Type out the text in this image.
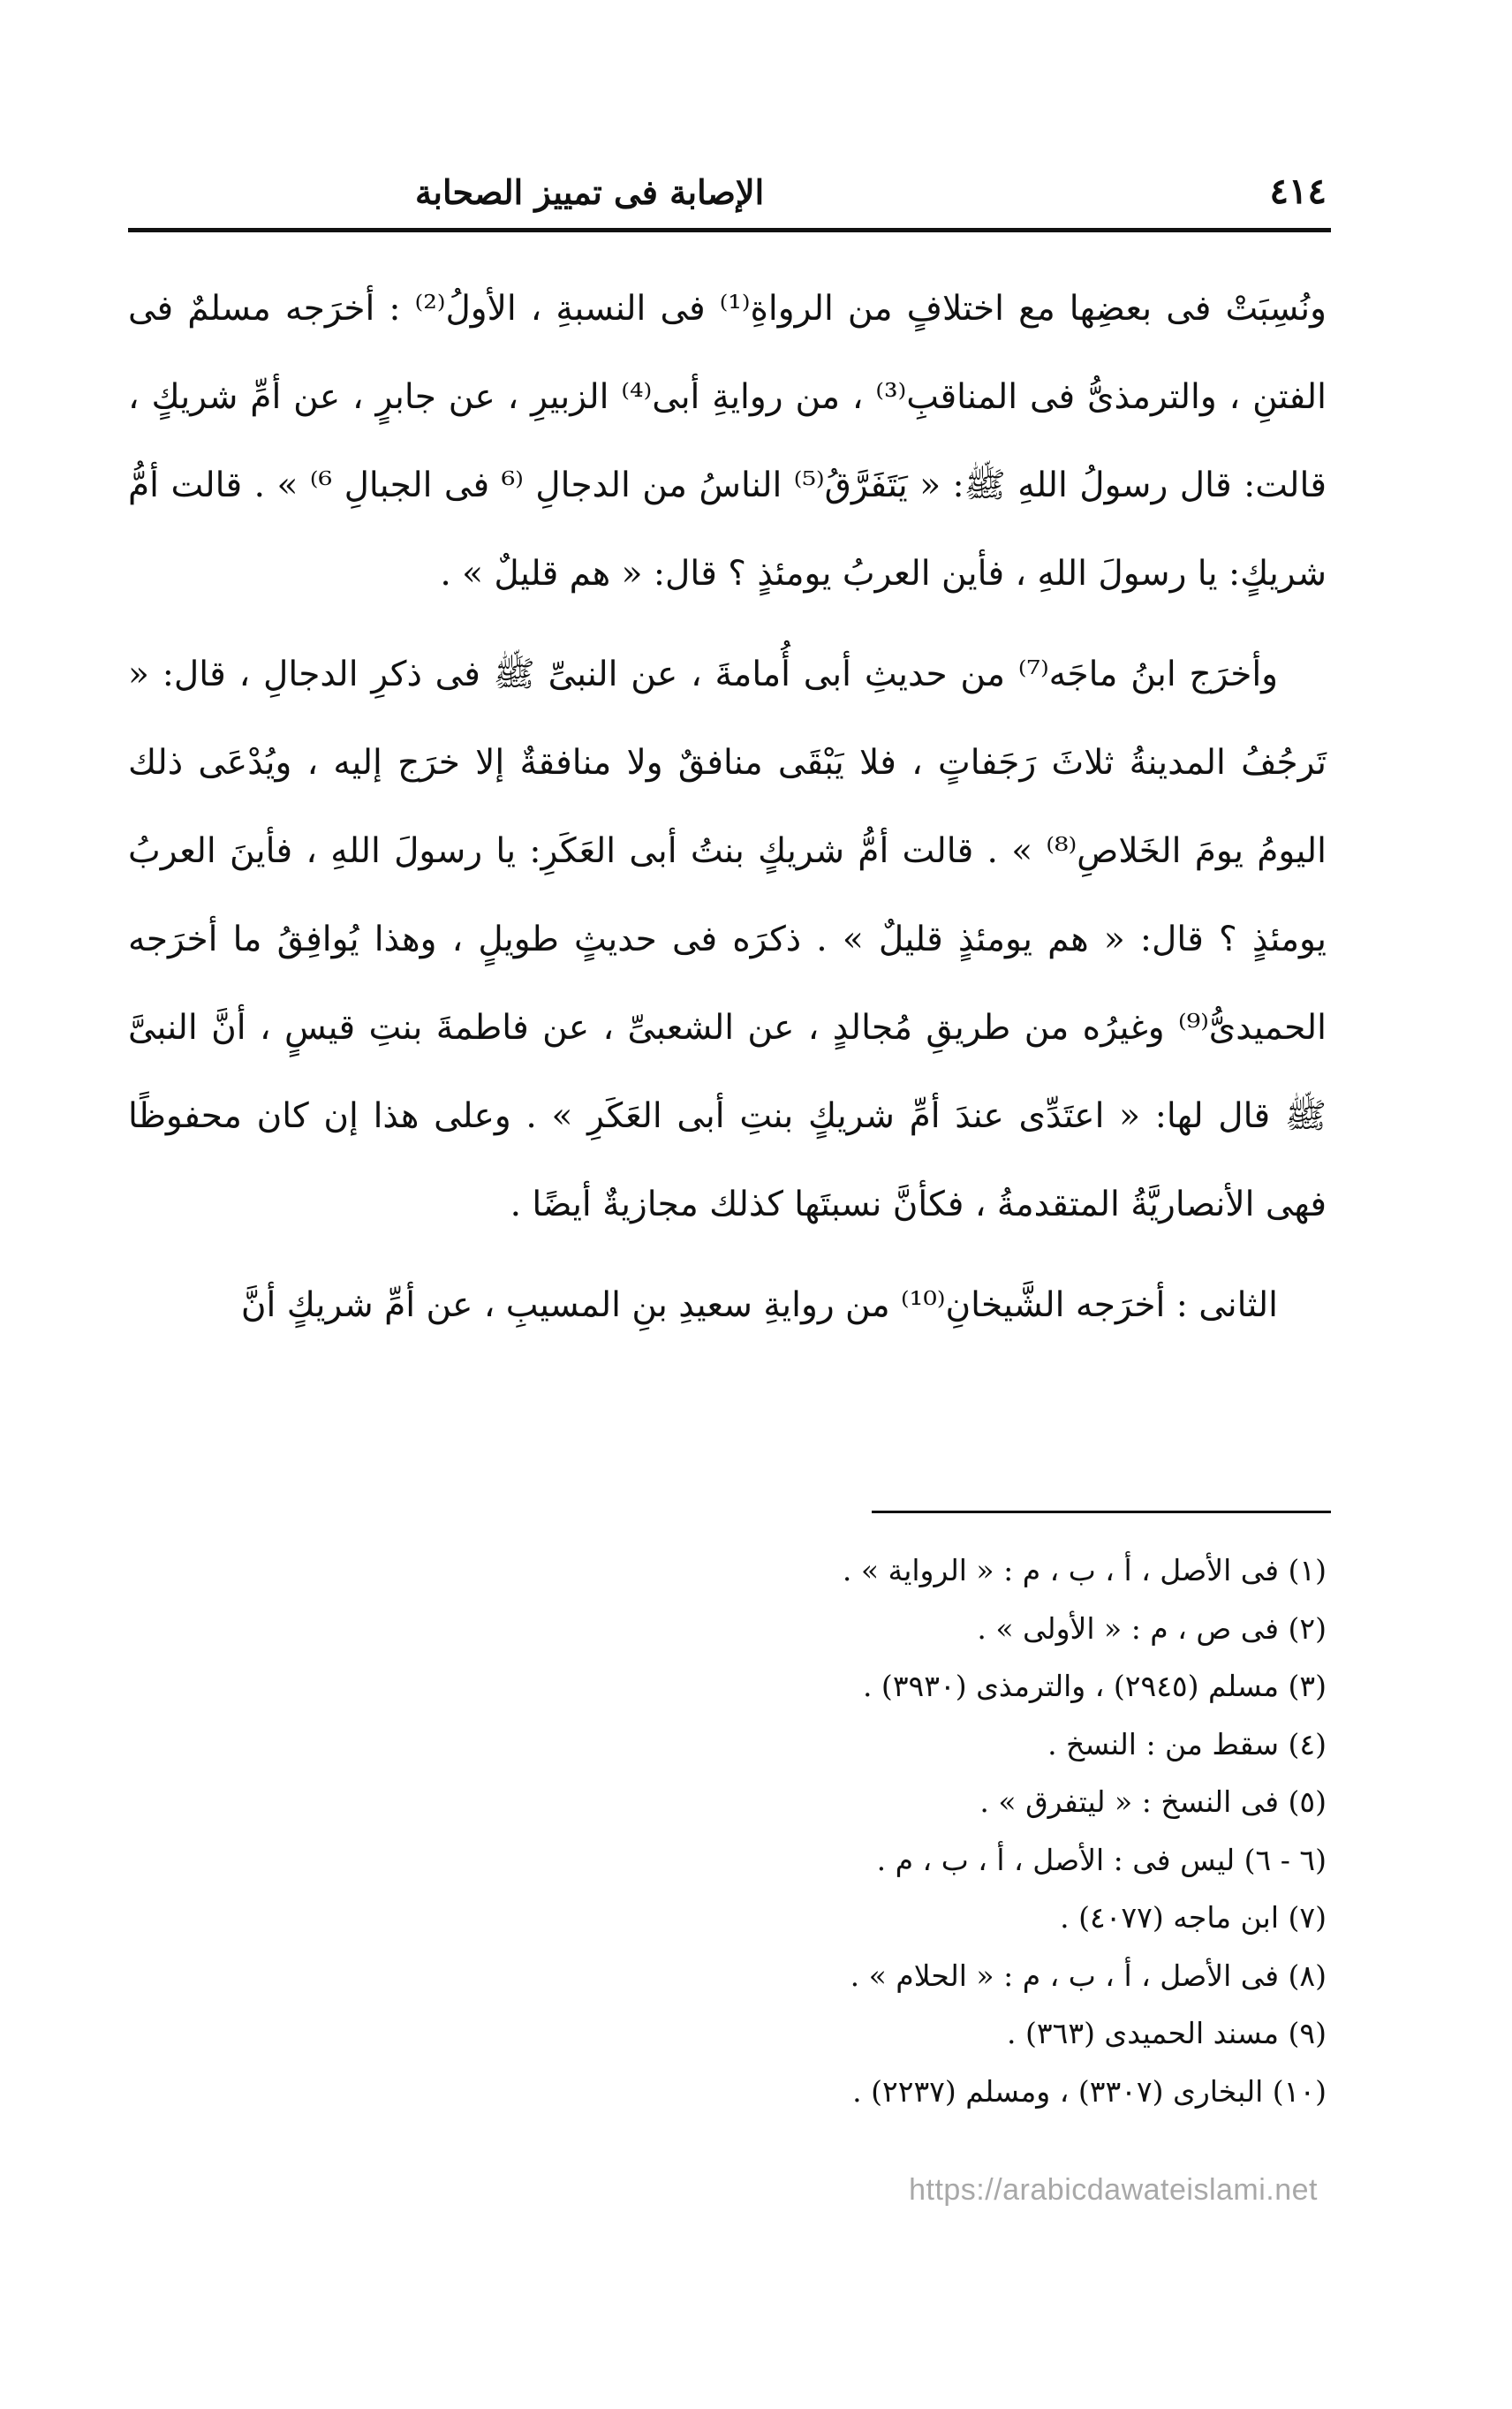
٤١٤
الإصابة فى تمييز الصحابة

ونُسِبَتْ فى بعضِها مع اختلافٍ من الرواةِ⁽¹⁾ فى النسبةِ ، الأولُ⁽²⁾ : أخرَجه مسلمٌ فى الفتنِ ، والترمذىُّ فى المناقبِ⁽³⁾ ، من روايةِ أبى⁽⁴⁾ الزبيرِ ، عن جابرٍ ، عن أمِّ شريكٍ ، قالت: قال رسولُ اللهِ ﷺ: « يَتَفَرَّقُ⁽⁵⁾ الناسُ من الدجالِ ⁽⁶ فى الجبالِ ⁶⁾ » . قالت أمُّ شريكٍ: يا رسولَ اللهِ ، فأين العربُ يومئذٍ ؟ قال: « هم قليلٌ » .

وأخرَج ابنُ ماجَه⁽⁷⁾ من حديثِ أبى أُمامةَ ، عن النبىِّ ﷺ فى ذكرِ الدجالِ ، قال: « تَرجُفُ المدينةُ ثلاثَ رَجَفاتٍ ، فلا يَبْقَى منافقٌ ولا منافقةٌ إلا خرَج إليه ، ويُدْعَى ذلك اليومُ يومَ الخَلاصِ⁽⁸⁾ » . قالت أمُّ شريكٍ بنتُ أبى العَكَرِ: يا رسولَ اللهِ ، فأينَ العربُ يومئذٍ ؟ قال: « هم يومئذٍ قليلٌ » . ذكرَه فى حديثٍ طويلٍ ، وهذا يُوافِقُ ما أخرَجه الحميدىُّ⁽⁹⁾ وغيرُه من طريقِ مُجالدٍ ، عن الشعبىِّ ، عن فاطمةَ بنتِ قيسٍ ، أنَّ النبىَّ ﷺ قال لها: « اعتَدِّى عندَ أمِّ شريكٍ بنتِ أبى العَكَرِ » . وعلى هذا إن كان محفوظًا فهى الأنصاريَّةُ المتقدمةُ ، فكأنَّ نسبتَها كذلك مجازيةٌ أيضًا .

الثانى : أخرَجه الشَّيخانِ⁽¹⁰⁾ من روايةِ سعيدِ بنِ المسيبِ ، عن أمِّ شريكٍ أنَّ

(١) فى الأصل ، أ ، ب ، م : « الرواية » .
(٢) فى ص ، م : « الأولى » .
(٣) مسلم (٢٩٤٥) ، والترمذى (٣٩٣٠) .
(٤) سقط من : النسخ .
(٥) فى النسخ : « ليتفرق » .
(٦ - ٦) ليس فى : الأصل ، أ ، ب ، م .
(٧) ابن ماجه (٤٠٧٧) .
(٨) فى الأصل ، أ ، ب ، م : « الحلام » .
(٩) مسند الحميدى (٣٦٣) .
(١٠) البخارى (٣٣٠٧) ، ومسلم (٢٢٣٧) .
https://arabicdawateislami.net
